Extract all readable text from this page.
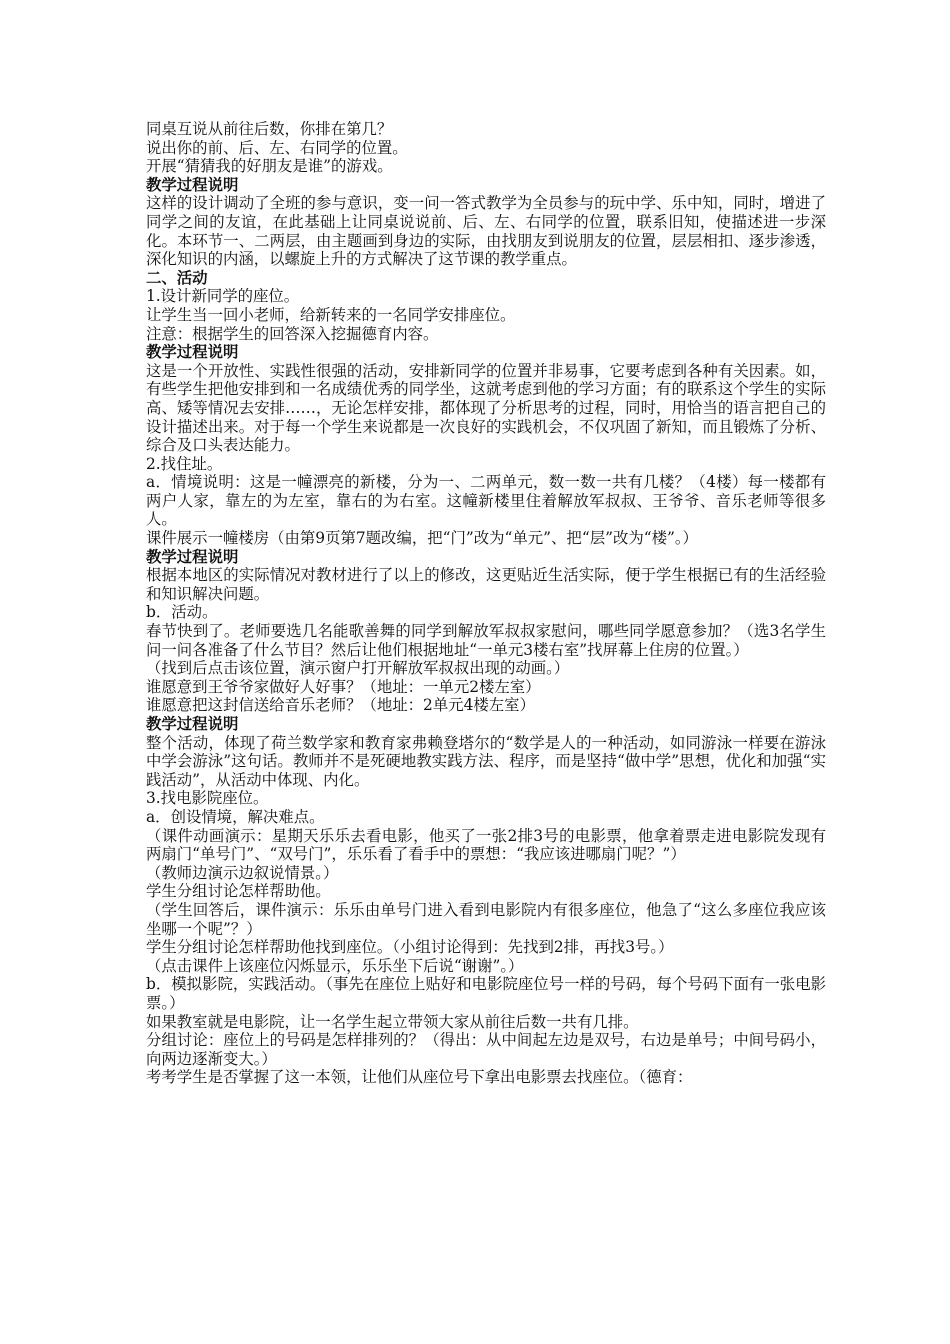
同桌互说从前往后数，你排在第几？
说出你的前、后、左、右同学的位置。
开展“猜猜我的好朋友是谁”的游戏。
教学过程说明
这样的设计调动了全班的参与意识，变一问一答式教学为全员参与的玩中学、乐中知，同时，增进了同学之间的友谊，在此基础上让同桌说说前、后、左、右同学的位置，联系旧知，使描述进一步深化。本环节一、二两层，由主题画到身边的实际，由找朋友到说朋友的位置，层层相扣、逐步渗透，深化知识的内涵，以螺旋上升的方式解决了这节课的教学重点。
二、活动
1.设计新同学的座位。
让学生当一回小老师，给新转来的一名同学安排座位。
注意：根据学生的回答深入挖掘德育内容。
教学过程说明
这是一个开放性、实践性很强的活动，安排新同学的位置并非易事，它要考虑到各种有关因素。如，有些学生把他安排到和一名成绩优秀的同学坐，这就考虑到他的学习方面；有的联系这个学生的实际高、矮等情况去安排……，无论怎样安排，都体现了分析思考的过程，同时，用恰当的语言把自己的设计描述出来。对于每一个学生来说都是一次良好的实践机会，不仅巩固了新知，而且锻炼了分析、综合及口头表达能力。
2.找住址。
a．情境说明：这是一幢漂亮的新楼，分为一、二两单元，数一数一共有几楼？（4楼）每一楼都有两户人家，靠左的为左室，靠右的为右室。这幢新楼里住着解放军叔叔、王爷爷、音乐老师等很多人。
课件展示一幢楼房（由第9页第7题改编，把“门”改为“单元”、把“层”改为“楼”。）
教学过程说明
根据本地区的实际情况对教材进行了以上的修改，这更贴近生活实际，便于学生根据已有的生活经验和知识解决问题。
b．活动。
春节快到了。老师要选几名能歌善舞的同学到解放军叔叔家慰问，哪些同学愿意参加？（选3名学生问一问各准备了什么节目？然后让他们根据地址“一单元3楼右室”找屏幕上住房的位置。）
（找到后点击该位置，演示窗户打开解放军叔叔出现的动画。）
谁愿意到王爷爷家做好人好事？（地址：一单元2楼左室）
谁愿意把这封信送给音乐老师？（地址：2单元4楼左室）
教学过程说明
整个活动，体现了荷兰数学家和教育家弗赖登塔尔的“数学是人的一种活动，如同游泳一样要在游泳中学会游泳”这句话。教师并不是死硬地教实践方法、程序，而是坚持“做中学”思想，优化和加强“实践活动”，从活动中体现、内化。
3.找电影院座位。
a．创设情境，解决难点。
（课件动画演示：星期天乐乐去看电影，他买了一张2排3号的电影票，他拿着票走进电影院发现有两扇门“单号门”、“双号门”，乐乐看了看手中的票想：“我应该进哪扇门呢？”）
（教师边演示边叙说情景。）
学生分组讨论怎样帮助他。
（学生回答后，课件演示：乐乐由单号门进入看到电影院内有很多座位，他急了“这么多座位我应该坐哪一个呢”？）
学生分组讨论怎样帮助他找到座位。（小组讨论得到：先找到2排，再找3号。）
（点击课件上该座位闪烁显示，乐乐坐下后说“谢谢”。）
b．模拟影院，实践活动。（事先在座位上贴好和电影院座位号一样的号码，每个号码下面有一张电影票。）
如果教室就是电影院，让一名学生起立带领大家从前往后数一共有几排。
分组讨论：座位上的号码是怎样排列的？（得出：从中间起左边是双号，右边是单号；中间号码小，向两边逐渐变大。）
考考学生是否掌握了这一本领，让他们从座位号下拿出电影票去找座位。（德育：
